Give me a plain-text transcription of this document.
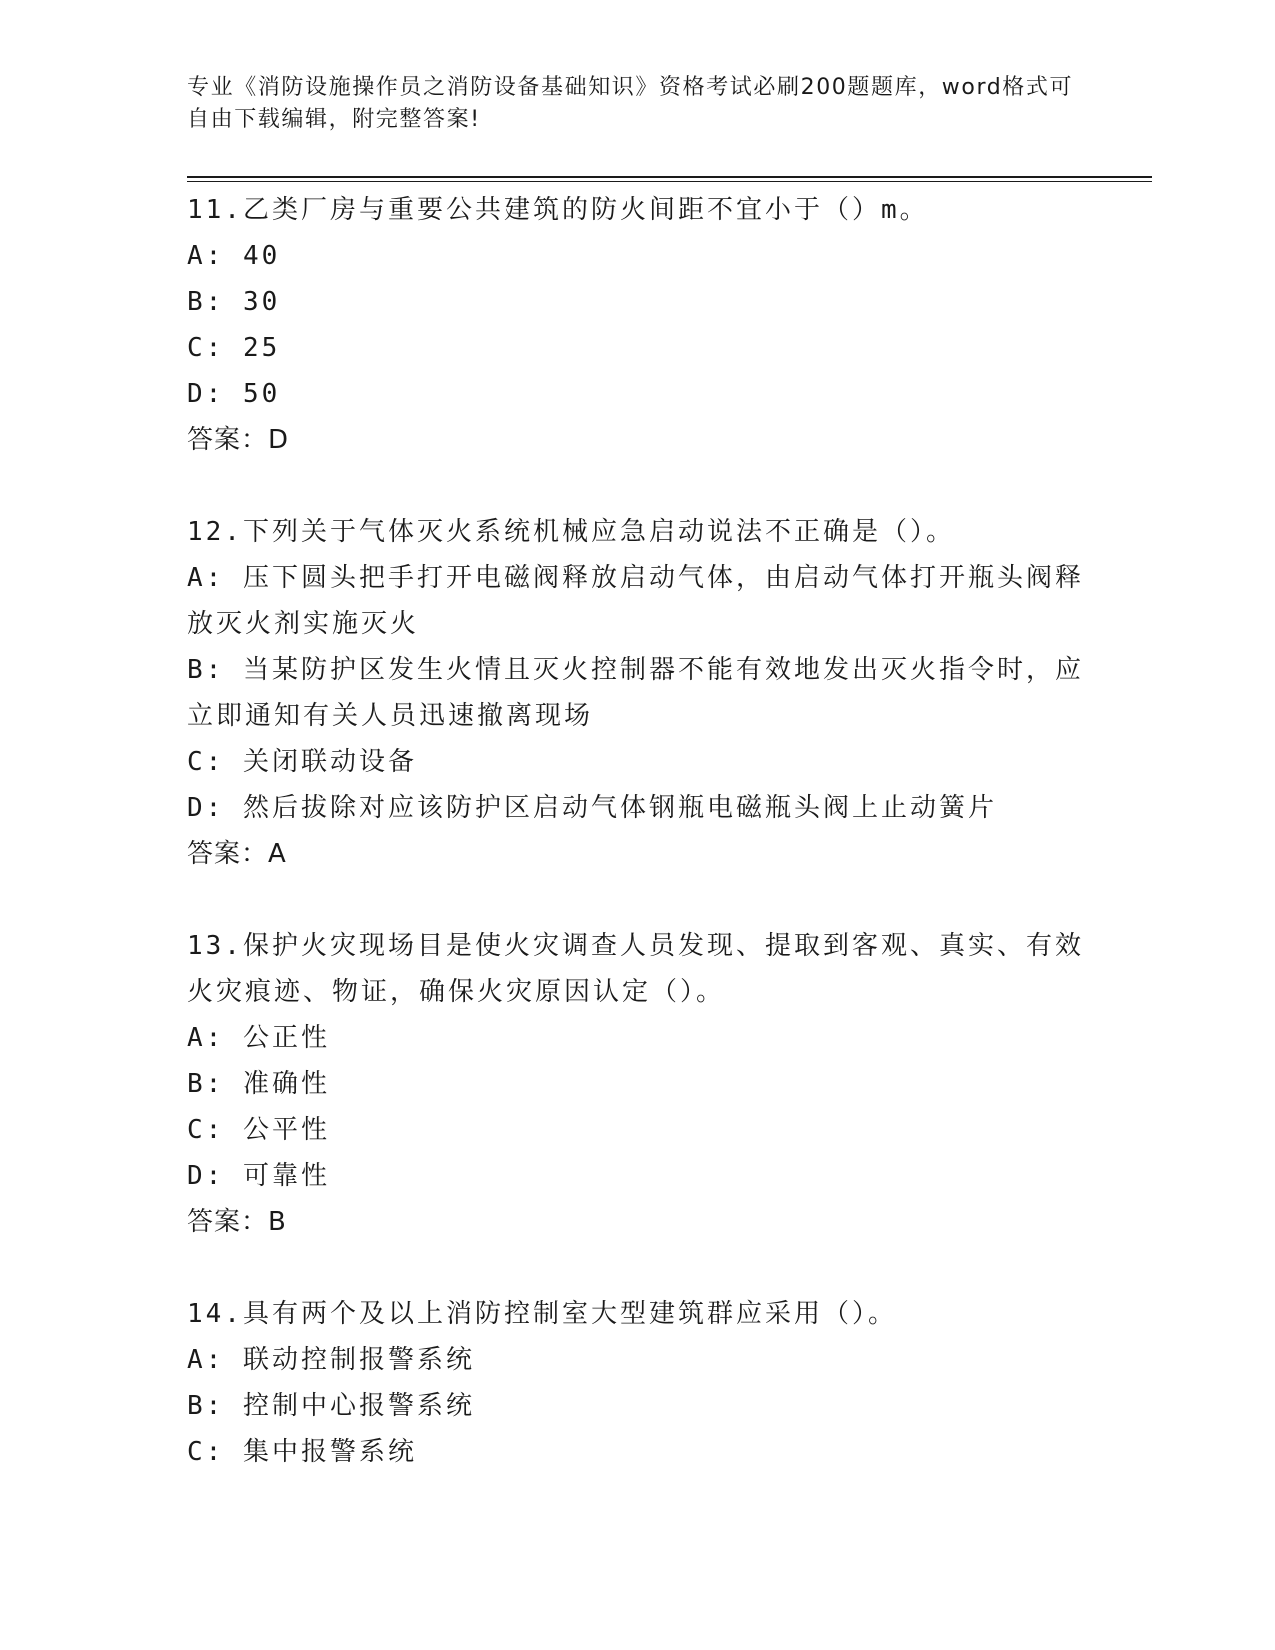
专业《消防设施操作员之消防设备基础知识》资格考试必刷200题题库，word格式可自由下载编辑，附完整答案!
11.乙类厂房与重要公共建筑的防火间距不宜小于（）m。
A: 40
B: 30
C: 25
D: 50
答案：D
12.下列关于气体灭火系统机械应急启动说法不正确是（）。
A: 压下圆头把手打开电磁阀释放启动气体，由启动气体打开瓶头阀释放灭火剂实施灭火
B: 当某防护区发生火情且灭火控制器不能有效地发出灭火指令时，应立即通知有关人员迅速撤离现场
C: 关闭联动设备
D: 然后拔除对应该防护区启动气体钢瓶电磁瓶头阀上止动簧片
答案：A
13.保护火灾现场目是使火灾调查人员发现、提取到客观、真实、有效火灾痕迹、物证，确保火灾原因认定（）。
A: 公正性
B: 准确性
C: 公平性
D: 可靠性
答案：B
14.具有两个及以上消防控制室大型建筑群应采用（）。
A: 联动控制报警系统
B: 控制中心报警系统
C: 集中报警系统
